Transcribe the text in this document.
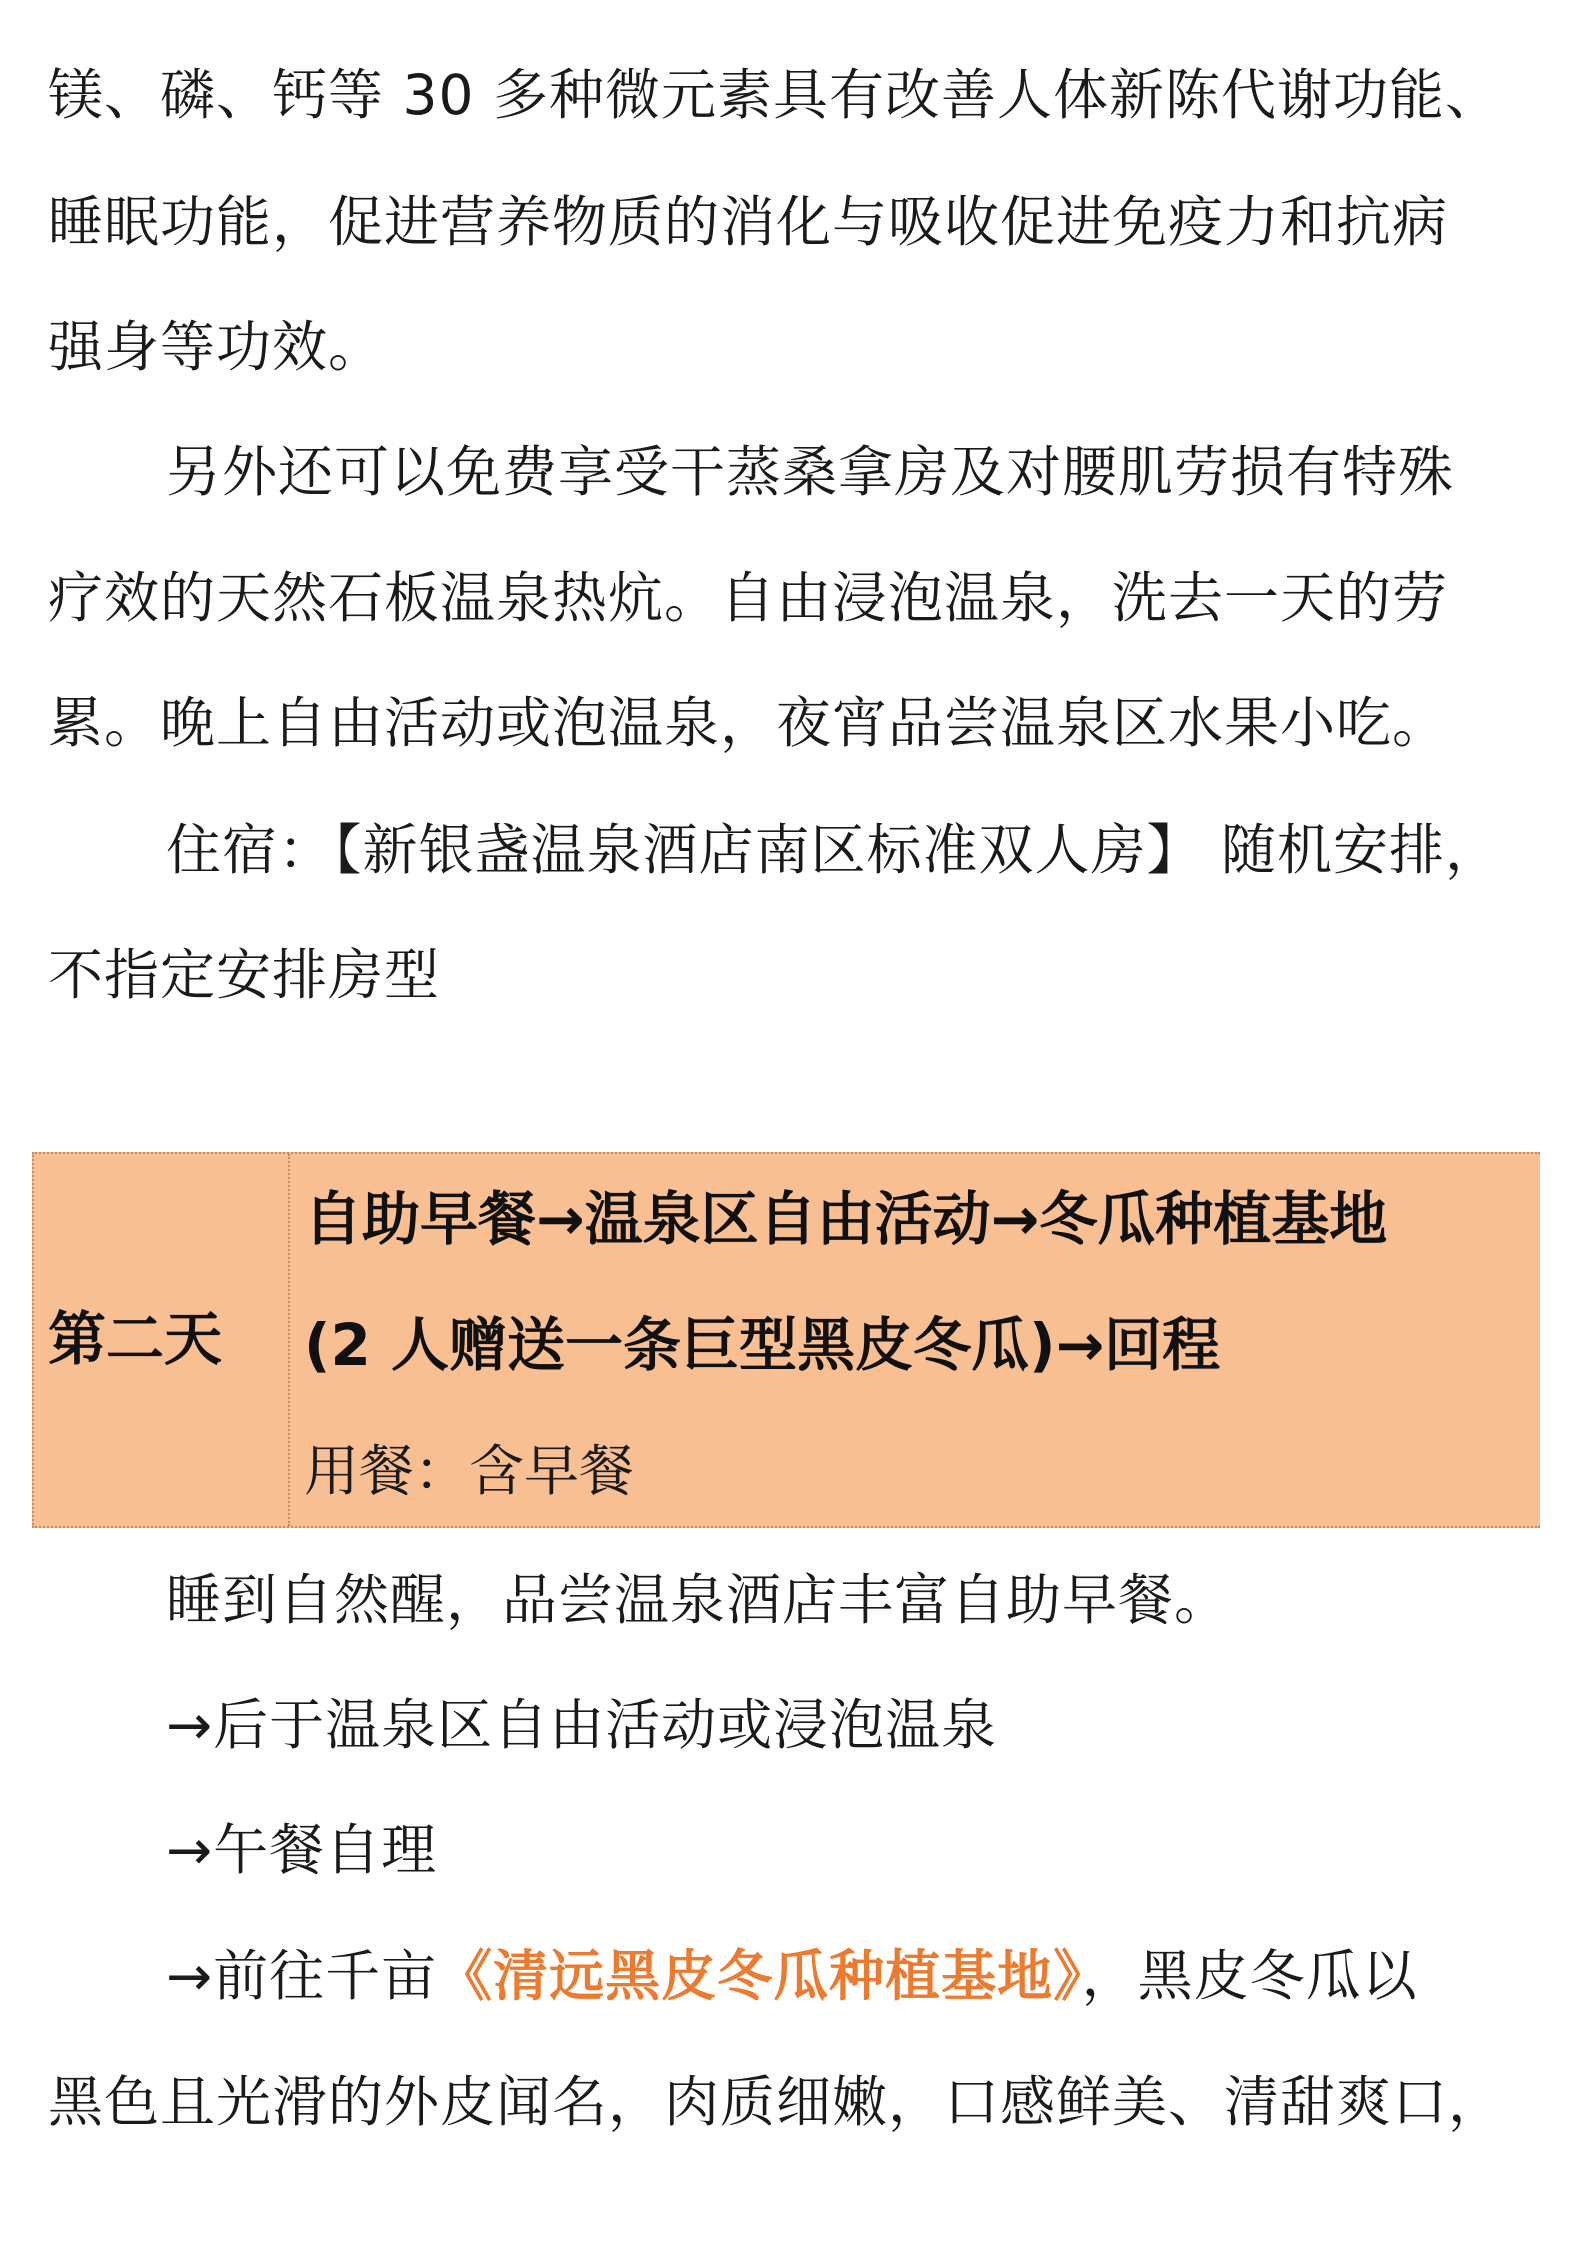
镁、磷、钙等 30 多种微元素具有改善人体新陈代谢功能、
睡眠功能，促进营养物质的消化与吸收促进免疫力和抗病
强身等功效。
另外还可以免费享受干蒸桑拿房及对腰肌劳损有特殊
疗效的天然石板温泉热炕。自由浸泡温泉，洗去一天的劳
累。晚上自由活动或泡温泉，夜宵品尝温泉区水果小吃。
住宿：【新银盏温泉酒店南区标准双人房】 随机安排，
不指定安排房型
第二天
自助早餐→温泉区自由活动→冬瓜种植基地
(2 人赠送一条巨型黑皮冬瓜)→回程
用餐：含早餐
睡到自然醒，品尝温泉酒店丰富自助早餐。
→后于温泉区自由活动或浸泡温泉
→午餐自理
→前往千亩《清远黑皮冬瓜种植基地》，黑皮冬瓜以
黑色且光滑的外皮闻名，肉质细嫩，口感鲜美、清甜爽口，
